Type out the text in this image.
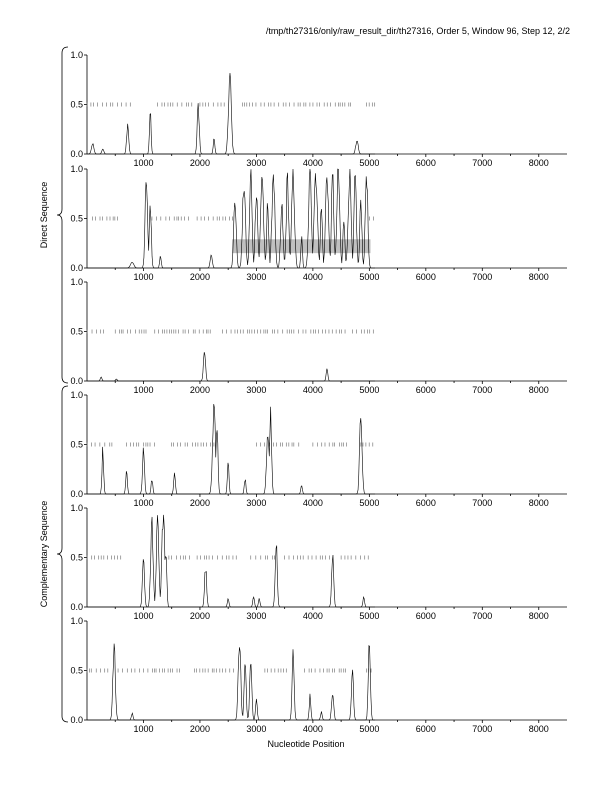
/tmp/th27316/only/raw_result_dir/th27316, Order 5, Window 96, Step 12, 2/2
0.0
0.5
1.0
1000	2000	3000	4000	5000	6000	7000	8000
0.0
0.5
1.0
1000	2000	3000	4000	5000	6000	7000	8000
0.0
0.5
1.0
1000	2000	3000	4000	5000	6000	7000	8000
0.0
0.5
1.0
1000	2000	3000	4000	5000	6000	7000	8000
0.0
0.5
1.0
1000	2000	3000	4000	5000	6000	7000	8000
0.0
0.5
1.0
1000	2000	3000	4000	5000	6000	7000	8000
Direct Sequence
Complementary Sequence
Nucleotide Position
